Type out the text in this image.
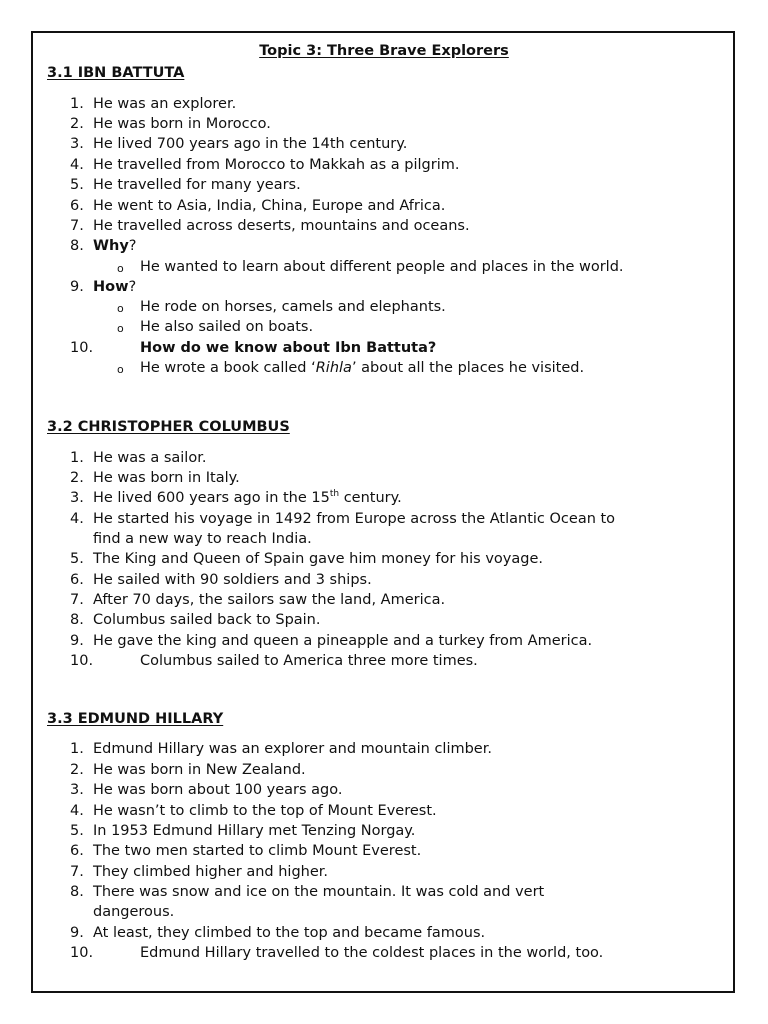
Topic 3: Three Brave Explorers
3.1 IBN BATTUTA
1. He was an explorer.
2. He was born in Morocco.
3. He lived 700 years ago in the 14th century.
4. He travelled from Morocco to Makkah as a pilgrim.
5. He travelled for many years.
6. He went to Asia, India, China, Europe and Africa.
7. He travelled across deserts, mountains and oceans.
8. Why?
o He wanted to learn about different people and places in the world.
9. How?
o He rode on horses, camels and elephants.
o He also sailed on boats.
10.	How do we know about Ibn Battuta?
o He wrote a book called ‘Rihla’ about all the places he visited.
3.2 CHRISTOPHER COLUMBUS
1. He was a sailor.
2. He was born in Italy.
3. He lived 600 years ago in the 15th century.
4. He started his voyage in 1492 from Europe across the Atlantic Ocean to
find a new way to reach India.
5. The King and Queen of Spain gave him money for his voyage.
6. He sailed with 90 soldiers and 3 ships.
7. After 70 days, the sailors saw the land, America.
8. Columbus sailed back to Spain.
9. He gave the king and queen a pineapple and a turkey from America.
10.	Columbus sailed to America three more times.
3.3 EDMUND HILLARY
1. Edmund Hillary was an explorer and mountain climber.
2. He was born in New Zealand.
3. He was born about 100 years ago.
4. He wasn’t to climb to the top of Mount Everest.
5. In 1953 Edmund Hillary met Tenzing Norgay.
6. The two men started to climb Mount Everest.
7. They climbed higher and higher.
8. There was snow and ice on the mountain. It was cold and vert
dangerous.
9. At least, they climbed to the top and became famous.
10.	Edmund Hillary travelled to the coldest places in the world, too.
